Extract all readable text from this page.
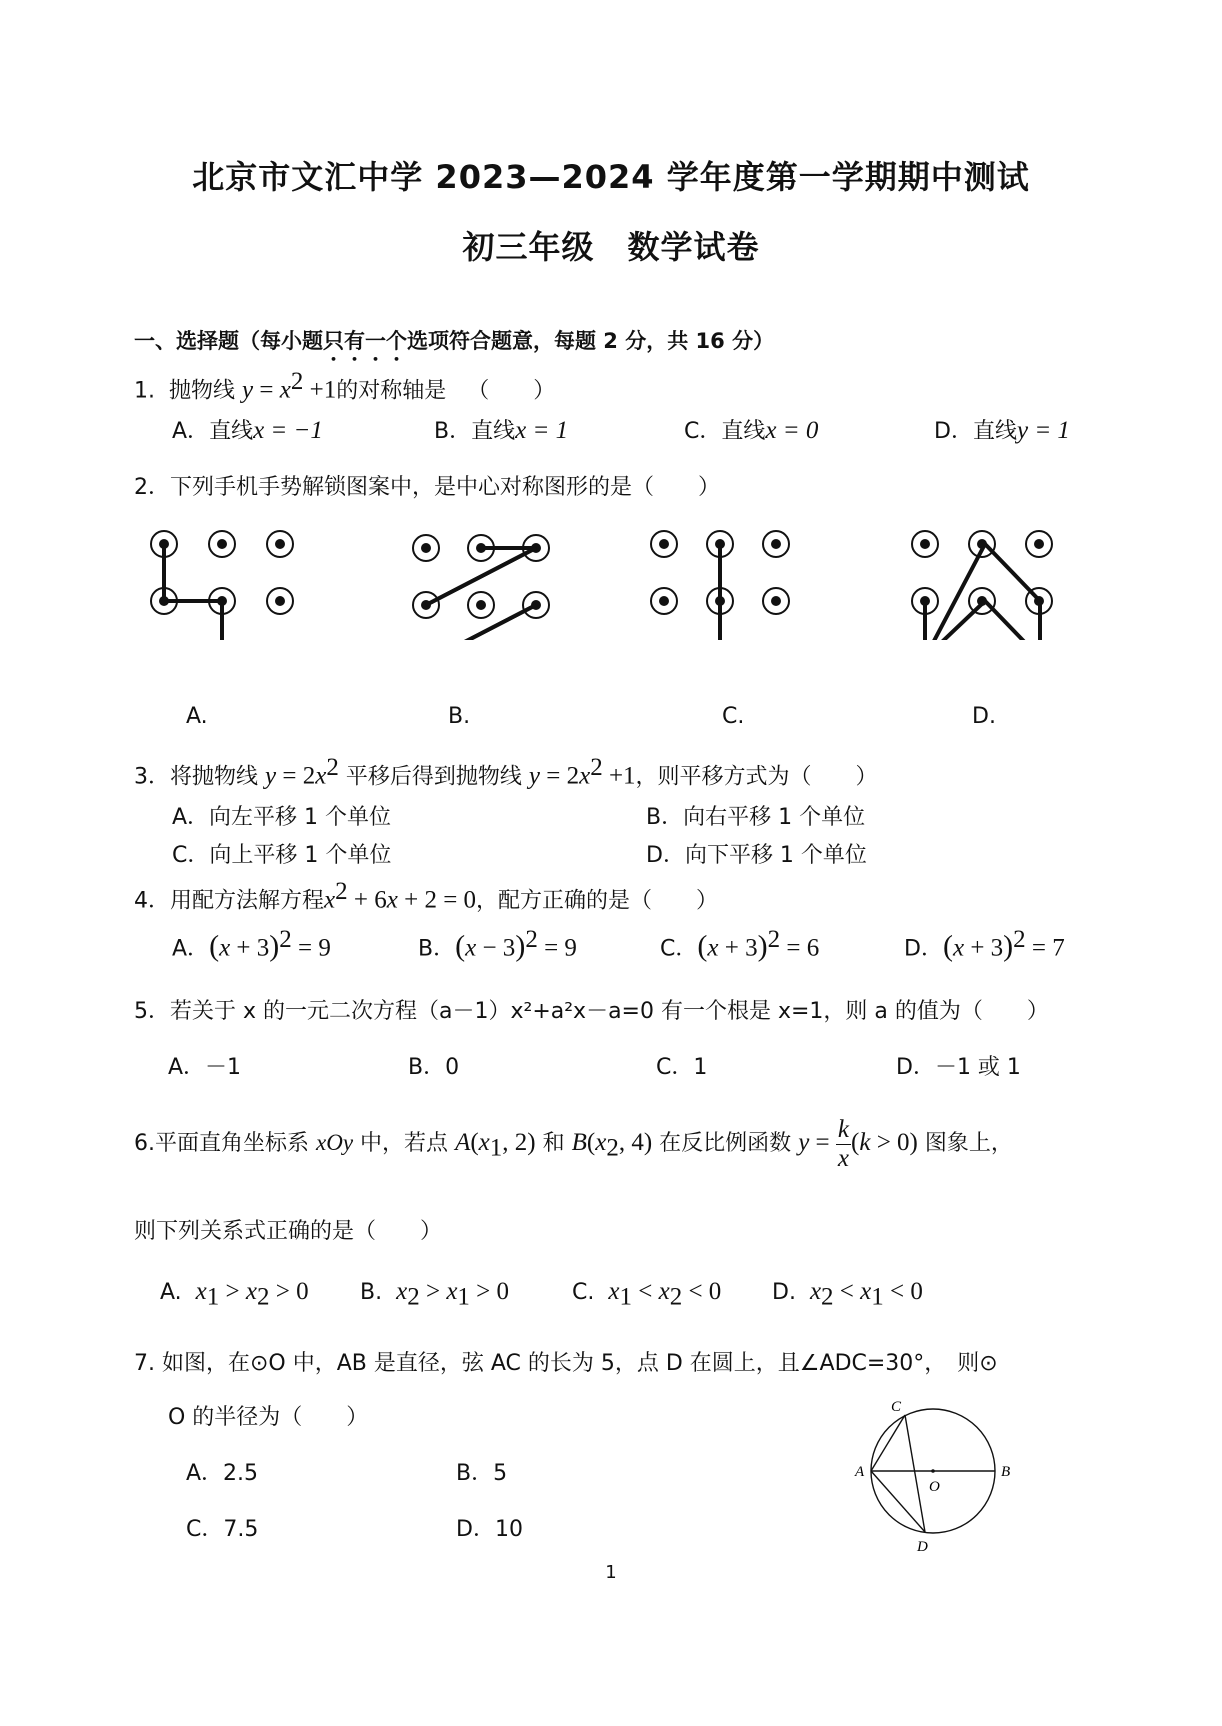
北京市文汇中学 2023—2024 学年度第一学期期中测试
初三年级　数学试卷
一、选择题（每小题只有一个选项符合题意，每题 2 分，共 16 分）
1. 抛物线 $y = x^2 +1$的对称轴是 （　　）
A．直线x = −1	B．直线x = 1	C．直线x = 0	D．直线y = 1
2．下列手机手势解锁图案中，是中心对称图形的是（　　）
A.	B.	C.	D.
3．将抛物线 $y = 2x^2$ 平移后得到抛物线 $y = 2x^2 +1$，则平移方式为（　　）
A．向左平移 1 个单位	B．向右平移 1 个单位
C．向上平移 1 个单位	D．向下平移 1 个单位
4．用配方法解方程$x^2 + 6x + 2 = 0$，配方正确的是（　　）
A．$(x + 3)^2 = 9$	B．$(x - 3)^2 = 9$	C．$(x + 3)^2 = 6$	D．$(x + 3)^2 = 7$
5．若关于 x 的一元二次方程（a－1）x²+a²x－a=0 有一个根是 x=1，则 a 的值为（　　）
A．－1	B．0	C．1	D．－1 或 1
6.平面直角坐标系 xOy 中，若点 $A(x_1$, 2) 和 $B(x_2$, 4) 在反比例函数 $y = \frac{k}{x} (k > 0)$ 图象上，
则下列关系式正确的是（　　）
A. $x_1 > x_2 > 0$ B. $x_2 > x_1 > 0$	C. $x_1 < x_2 < 0$ D. $x_2 < x_1 < 0$
7. 如图，在⊙O 中，AB 是直径，弦 AC 的长为 5，点 D 在圆上，且∠ADC=30°，　则⊙
O 的半径为（　　）
A．2.5	B．5
C．7.5	D．10
C
A	B
O
D
1
